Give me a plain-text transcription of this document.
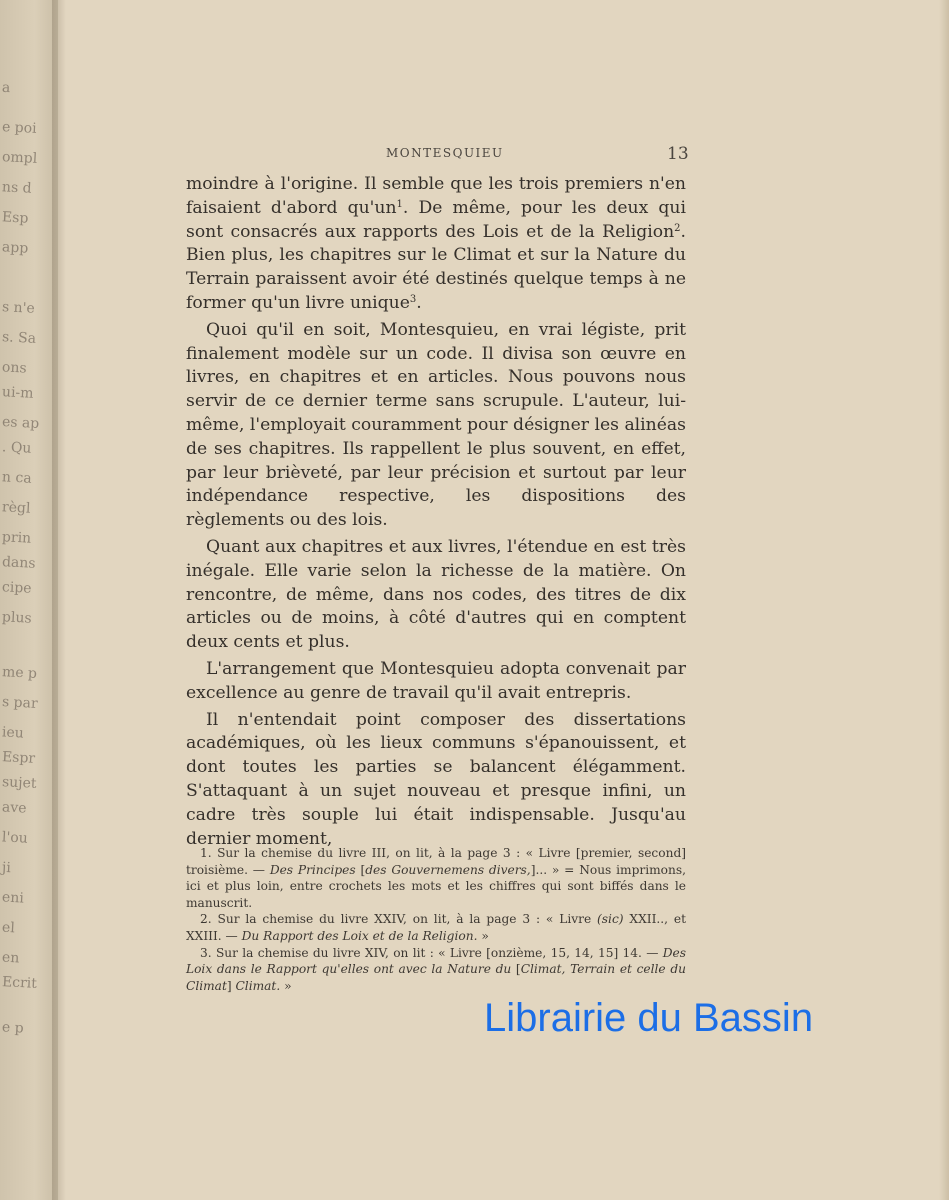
a
e poi
ompl
ns d
Esp
app
s n'e
s. Sa
ons
ui-m
es ap
. Qu
n ca
règl
prin
dans
cipe
plus
me p
s par
ieu
Espr
sujet
ave
l'ou
ji
eni
el
en
Ecrit
e p
MONTESQUIEU	13

moindre à l'origine. Il semble que les trois premiers n'en faisaient d'abord $qu'un^1$. De même, pour les deux qui sont consacrés aux rapports des Lois et de la Religion$^2$. Bien plus, les chapitres sur le Climat et sur la Nature du Terrain paraissent avoir été destinés quelque temps à ne former qu'un livre unique$^3$.

Quoi qu'il en soit, Montesquieu, en vrai légiste, prit finalement modèle sur un code. Il divisa son œuvre en livres, en chapitres et en articles. Nous pouvons nous servir de ce dernier terme sans scrupule. L'auteur, lui-même, l'employait couramment pour désigner les alinéas de ses chapitres. Ils rappellent le plus souvent, en effet, par leur brièveté, par leur précision et surtout par leur indépendance respective, les dispositions des règlements ou des lois.

Quant aux chapitres et aux livres, l'étendue en est très inégale. Elle varie selon la richesse de la matière. On rencontre, de même, dans nos codes, des titres de dix articles ou de moins, à côté d'autres qui en comptent deux cents et plus.

L'arrangement que Montesquieu adopta convenait par excellence au genre de travail qu'il avait entrepris.

Il n'entendait point composer des dissertations académiques, où les lieux communs s'épanouissent, et dont toutes les parties se balancent élégamment. S'attaquant à un sujet nouveau et presque infini, un cadre très souple lui était indispensable. Jusqu'au dernier moment,

1. Sur la chemise du livre III, on lit, à la page 3 : « Livre [premier, second] troisième. — Des Principes [des Gouvernemens divers,]... » = Nous imprimons, ici et plus loin, entre crochets les mots et les chiffres qui sont biffés dans le manuscrit.

2. Sur la chemise du livre XXIV, on lit, à la page 3 : « Livre (sic) XXII.., et XXIII. — Du Rapport des Loix et de la Religion. »

3. Sur la chemise du livre XIV, on lit : « Livre [onzième, 15, 14, 15] 14. — Des Loix dans le Rapport qu'elles ont avec la Nature du [Climat, Terrain et celle du Climat] Climat. »

Librairie du Bassin
